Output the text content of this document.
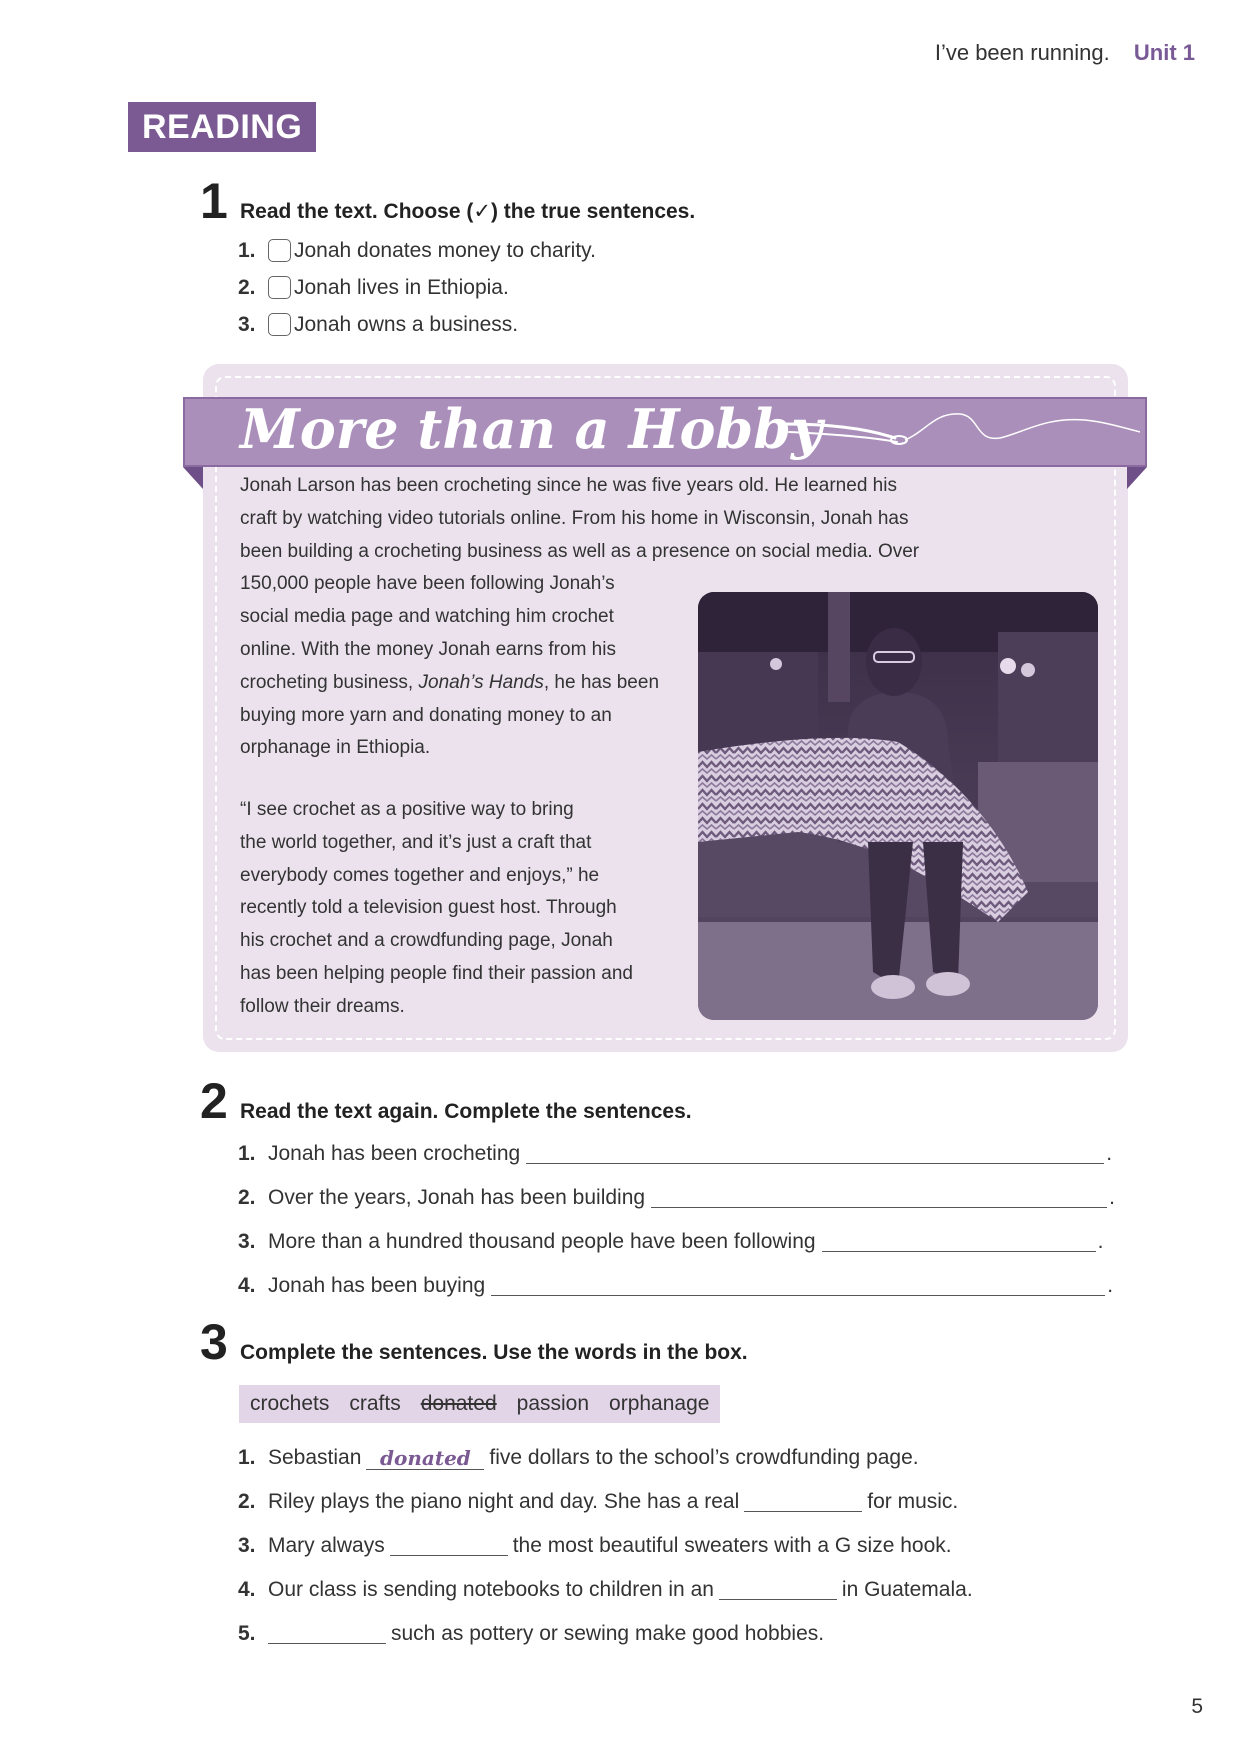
I’ve been running. Unit 1
READING
1 Read the text. Choose (✓) the true sentences.
1.	Jonah donates money to charity.
2.	Jonah lives in Ethiopia.
3.	Jonah owns a business.
More than a Hobby
Jonah Larson has been crocheting since he was five years old. He learned his
craft by watching video tutorials online. From his home in Wisconsin, Jonah has
been building a crocheting business as well as a presence on social media. Over
150,000 people have been following Jonah’s
social media page and watching him crochet
online. With the money Jonah earns from his
crocheting business, Jonah’s Hands, he has been
buying more yarn and donating money to an
orphanage in Ethiopia.
“I see crochet as a positive way to bring
the world together, and it’s just a craft that
everybody comes together and enjoys,” he
recently told a television guest host. Through
his crochet and a crowdfunding page, Jonah
has been helping people find their passion and
follow their dreams.
2 Read the text again. Complete the sentences.
1. Jonah has been crocheting	.
2. Over the years, Jonah has been building	.
3. More than a hundred thousand people have been following	.
4. Jonah has been buying	.
3 Complete the sentences. Use the words in the box.
crochets crafts donated passion orphanage
1. Sebastian donated five dollars to the school’s crowdfunding page.
2. Riley plays the piano night and day. She has a real	for music.
3. Mary always	the most beautiful sweaters with a G size hook.
4. Our class is sending notebooks to children in an	in Guatemala.
5.	such as pottery or sewing make good hobbies.
5
